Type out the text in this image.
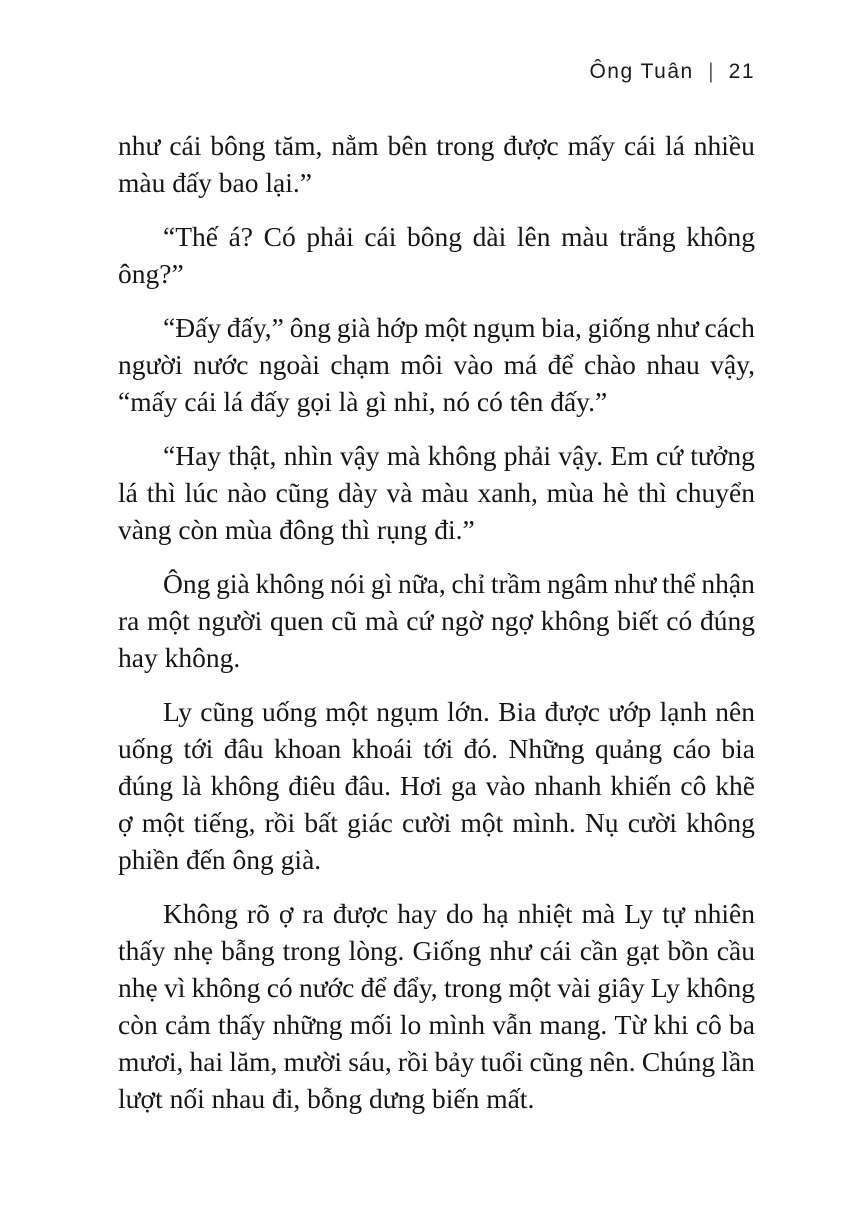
Ông Tuân | 21
như cái bông tăm, nằm bên trong được mấy cái lá nhiều
màu đấy bao lại.”
“Thế á? Có phải cái bông dài lên màu trắng không
ông?”
“Đấy đấy,” ông già hớp một ngụm bia, giống như cách
người nước ngoài chạm môi vào má để chào nhau vậy,
“mấy cái lá đấy gọi là gì nhỉ, nó có tên đấy.”
“Hay thật, nhìn vậy mà không phải vậy. Em cứ tưởng
lá thì lúc nào cũng dày và màu xanh, mùa hè thì chuyển
vàng còn mùa đông thì rụng đi.”
Ông già không nói gì nữa, chỉ trầm ngâm như thể nhận
ra một người quen cũ mà cứ ngờ ngợ không biết có đúng
hay không.
Ly cũng uống một ngụm lớn. Bia được ướp lạnh nên
uống tới đâu khoan khoái tới đó. Những quảng cáo bia
đúng là không điêu đâu. Hơi ga vào nhanh khiến cô khẽ
ợ một tiếng, rồi bất giác cười một mình. Nụ cười không
phiền đến ông già.
Không rõ ợ ra được hay do hạ nhiệt mà Ly tự nhiên
thấy nhẹ bẫng trong lòng. Giống như cái cần gạt bồn cầu
nhẹ vì không có nước để đẩy, trong một vài giây Ly không
còn cảm thấy những mối lo mình vẫn mang. Từ khi cô ba
mươi, hai lăm, mười sáu, rồi bảy tuổi cũng nên. Chúng lần
lượt nối nhau đi, bỗng dưng biến mất.
